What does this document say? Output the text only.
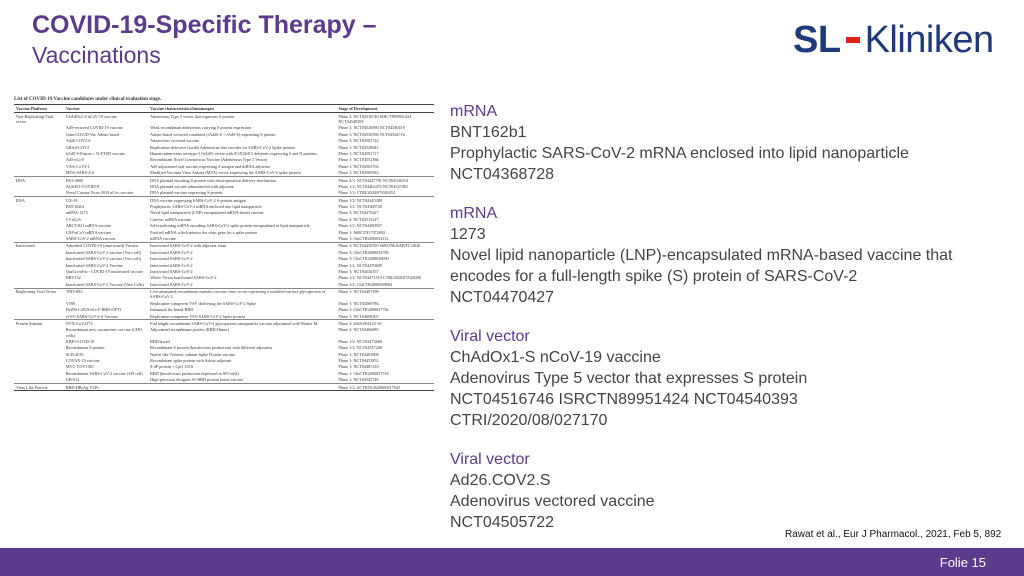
COVID-19-Specific Therapy –
Vaccinations	SL Kliniken
List of COVID-19 Vaccine candidates under clinical evaluation stage.
Vaccine Platform	Vaccine	Vaccine characteristics/Immunogen	Stage of Development
Non-Replicating Viral vector	ChAdOx1-S nCoV-19 vaccine	Adenovirus Type 5 vector that expresses S protein	Phase 3: NCT04516746 ISRCTN89951424 NCT04540393
	Ad5-vectored COVID-19 vaccine	Weak recombinant adenovirus carrying S protein expression	Phase 3: NCT04526990 NCT04540419
	Gam-COVID-Vac Adeno-based	Adeno-based vectored combined (rAd26-S + rAd5-S) expressing S protein	Phase 3: NCT04530396 NCT04564716
	Ad26.COV2.S	Adenovirus vectored vaccine	Phase 3: NCT04505722
	GRAd-COV2	Replication-defective Gorilla Adenovirus that encodes for SARS-CoV-2 Spike protein	Phase 1: NCT04528641
	hAd5-S-Fusion + N-ETSD vaccine	Human adenovirus serotype 5 (hAd5) vector with E1/E2b/E3 deletions expressing S and N proteins	Phase 1: NCT04591717
	Ad5-nCoV	Recombinant Novel Coronavirus Vaccine (Adenovirus Type 5 Vector)	Phase 1: NCT04552366
	VXA-CoV2-1	Ad5 adjuvanted oral vaccine expressing S antigen and dsRNA adjuvant	Phase 1: NCT04563702
	MVA-SARS-2-S	Modified Vaccinia Virus Ankara (MVA) vector expressing the SARS-CoV-2 spike protein	Phase 1: NCT04569383
DNA	INO-4800	DNA plasmid encoding S protein with electroporation delivery mechanism	Phase 2/3: NCT04447781 NCT04336410
	AG0301-COVID19	DNA plasmid vaccine administered with adjuvant	Phase 1/2: NCT04463472 NCT04527081
	Novel Corona Virus-2019 nCov vaccine	DNA plasmid vaccine expressing S protein	Phase 1/2: CTRI/2020/07/026352
RNA	GX-19	DNA vaccine expressing SARS-CoV-2 S-protein antigen	Phase 1/2: NCT04445389
	BNT162b1	Prophylactic SARS-CoV-2 mRNA enclosed into lipid nanoparticle	Phase 1/2: NCT04368728
	mRNA-1273	Novel lipid nanoparticle (LNP)-encapsulated mRNA-based vaccine	Phase 3: NCT04470427
	CVnCoV	Curevac mRNA vaccine	Phase 2: NCT04515147
	ARCT-021 mRNA vaccine	Self-replicating mRNA encoding SARS-CoV-2 spike protein encapsulated in lipid nanoparticle	Phase 1/2: NCT04480957
	LNP-nCoVsaRNA vaccine	Purified mRNA which mimics the virus gene for a spike protein	Phase 1: ISRCTN17072692
	SARS-CoV-2 mRNA vaccine	mRNA vaccine	Phase 1: ChiCTR2000034112
Inactivated	Adsorbed COVID-19 (inactivated) Vaccine	Inactivated SARS-CoV-2 with adjuvant alum	Phase 3: NCT04456595 669/UN6.KEP/EC/2020
	Inactivated SARS-CoV-2 vaccine (Vero cell)	Inactivated SARS-CoV-2	Phase 3: ChiCTR2000034780
	Inactivated SARS-CoV-2 vaccine (Vero cell)	Inactivated SARS-CoV-2	Phase 3: ChiCTR2000039000
	Inactivated SARS-CoV-2 Vaccine	Inactivated SARS-CoV-2	Phase 1/2: NCT04470609
	QazCovid-in - COVID-19 inactivated vaccine	Inactivated SARS-CoV-2	Phase 3: NCT04530357
	BBV152	Whole Virion Inactivated SARS-CoV-2	Phase 1/2: NCT04471519 CTRI/2020/07/026300
	Inactivated SARS-CoV-2 Vaccine (Vero Cells)	Inactivated SARS-CoV-2	Phase 1/2: ChiCTR2000038804
Replicating Viral Vector	TMV-083	Live-attenuated recombinant measles vaccine virus vector expressing a modified surface glycoprotein of SARS-CoV-2	Phase 1: NCT04497298
	V590	Replication-competent VSV delivering the SARS-CoV-2 Spike	Phase 1: NCT04569786
	DelNS1-2019-nCoV-RBD-OPT1	Intranasal flu-based-RBD	Phase 1: ChiCTR2000037782
	rVSV-SARS-CoV-2-S Vaccine	Replication-competent VSV-SARS-CoV-2 Spike protein	Phase 1: NCT04608305
Protein Subunit	NVX-CoV2373	Full length recombinant SARS-CoV-2 glycoprotein nanoparticle vaccine adjuvanted with Matrix M	Phase 3: 2020-004123-16
	Recombinant new coronavirus vaccine (CHO cells)	Adjuvanted recombinant protein (RBD-Dimer)	Phase 2: NCT04466085
	KBP-COVID-19	RBD-based	Phase 1/2: NCT04473690
	Recombinant S protein	Recombinant S protein (baculovirus production) with different adjuvants	Phase 1/2: NCT04537208
	SCB-2019	Native like Trimeric subunit Spike Protein vaccine	Phase 1: NCT04405908
	COVAX-19 vaccine	Recombinant spike protein with Advax adjuvant	Phase 1: NCT04453852
	MVC-COV1901	S-2P protein + CpG 1018	Phase 1: NCT04487210
	Recombinant SARS-CoV-2 vaccine (Sf9 cell)	RBD (baculovirus production expressed in Sf9 cells)	Phase 1: ChiCTR2000037518
	UB-612	High-precision designer S1-RBD protein based vaccine	Phase 1: NCT04545749
Virus Like Particle	RBD-HBsAg VLPs		Phase 1/2: ACTRN12620000817943
mRNA
BNT162b1
Prophylactic SARS-CoV-2 mRNA enclosed into lipid nanoparticle
NCT04368728
mRNA
1273
Novel lipid nanoparticle (LNP)-encapsulated mRNA-based vaccine that
encodes for a full-length spike (S) protein of SARS-CoV-2
NCT04470427
Viral vector
ChAdOx1-S nCoV-19 vaccine
Adenovirus Type 5 vector that expresses S protein
NCT04516746 ISRCTN89951424 NCT04540393
CTRI/2020/08/027170
Viral vector
Ad26.COV2.S
Adenovirus vectored vaccine
NCT04505722
Rawat et al., Eur J Pharmacol., 2021, Feb 5, 892
Folie 15
